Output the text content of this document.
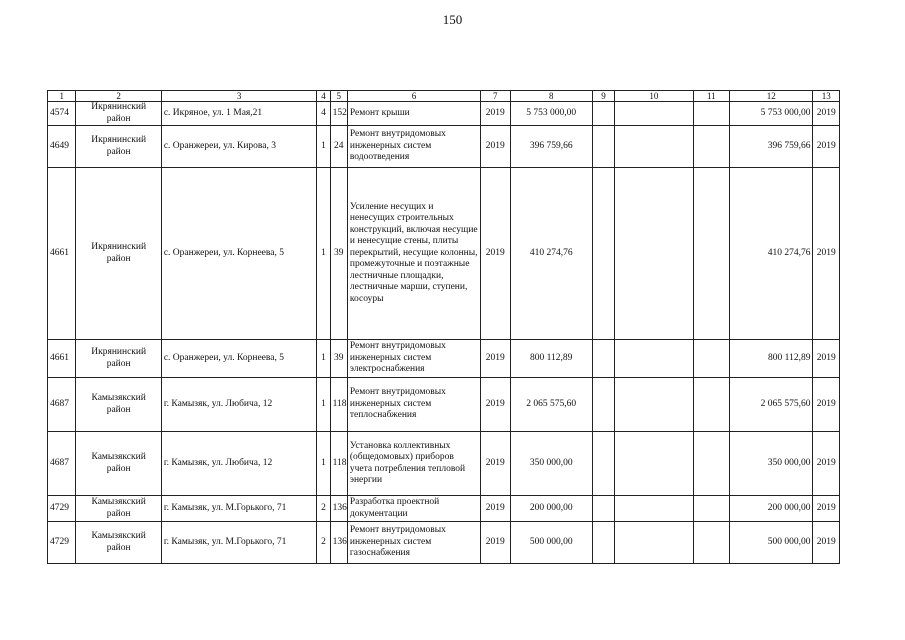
150
1	2	3	4	5	6	7	8	9	10	11	12	13
4574	Икрянинский район	с. Икряное, ул. 1 Мая,21	4	152	Ремонт крыши	2019	5 753 000,00				5 753 000,00	2019
4649	Икрянинский район	с. Оранжереи, ул. Кирова, 3	1	24	Ремонт внутридомовых инженерных систем водоотведения	2019	396 759,66				396 759,66	2019
4661	Икрянинский район	с. Оранжереи, ул. Корнеева, 5	1	39	Усиление несущих и ненесущих строительных конструкций, включая несущие и ненесущие стены, плиты перекрытий, несущие колонны, промежуточные и поэтажные лестничные площадки, лестничные марши, ступени, косоуры	2019	410 274,76				410 274,76	2019
4661	Икрянинский район	с. Оранжереи, ул. Корнеева, 5	1	39	Ремонт внутридомовых инженерных систем электроснабжения	2019	800 112,89				800 112,89	2019
4687	Камызякский район	г. Камызяк, ул. Любича, 12	1	118	Ремонт внутридомовых инженерных систем теплоснабжения	2019	2 065 575,60				2 065 575,60	2019
4687	Камызякский район	г. Камызяк, ул. Любича, 12	1	118	Установка коллективных (общедомовых) приборов учета потребления тепловой энергии	2019	350 000,00				350 000,00	2019
4729	Камызякский район	г. Камызяк, ул. М.Горького, 71	2	136	Разработка проектной документации	2019	200 000,00				200 000,00	2019
4729	Камызякский район	г. Камызяк, ул. М.Горького, 71	2	136	Ремонт внутридомовых инженерных систем газоснабжения	2019	500 000,00				500 000,00	2019
